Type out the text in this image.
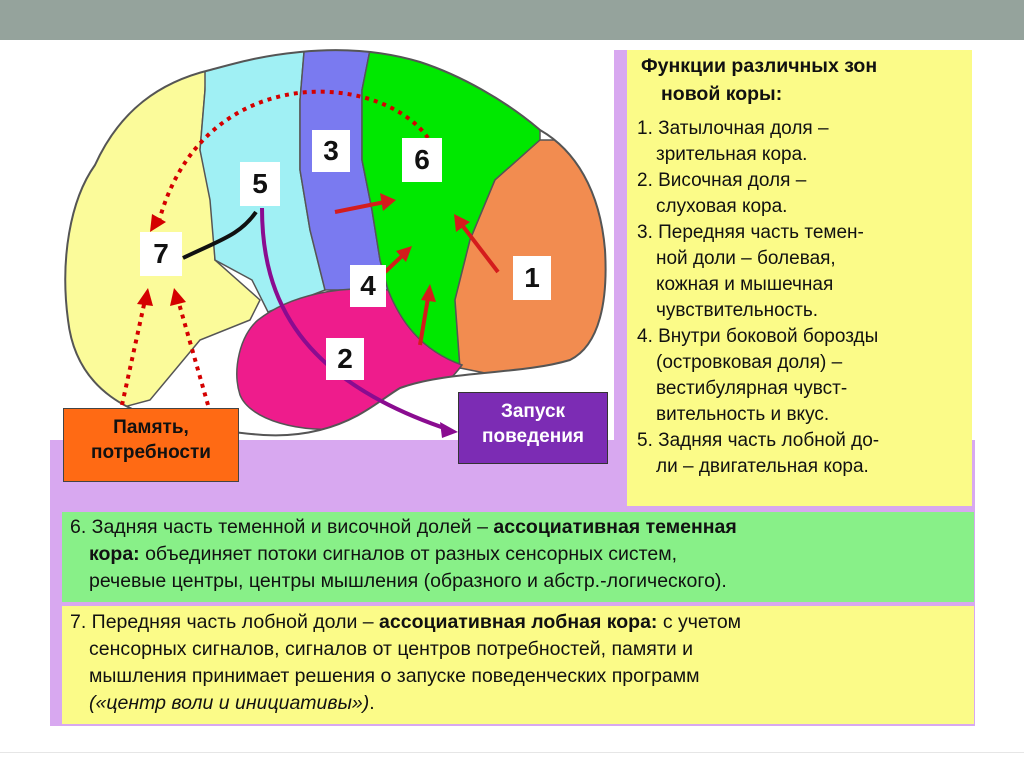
1
2
3
4
5
6
7
Память,
потребности
Запуск
поведения
Функции различных зон
новой коры:
1. Затылочная доля –
зрительная кора.
2. Височная доля –
слуховая кора.
3. Передняя часть темен-
ной доли – болевая,
кожная и мышечная
чувствительность.
4. Внутри боковой борозды
(островковая доля) –
вестибулярная чувст-
вительность и вкус.
5. Задняя часть лобной до-
ли – двигательная кора.
6. Задняя часть теменной и височной долей – ассоциативная теменная
кора: объединяет потоки сигналов от разных сенсорных систем,
речевые центры, центры мышления (образного и абстр.-логического).
7. Передняя часть лобной доли – ассоциативная лобная кора: с учетом
сенсорных сигналов, сигналов от центров потребностей, памяти и
мышления принимает решения о запуске поведенческих программ
(«центр воли и инициативы»).
